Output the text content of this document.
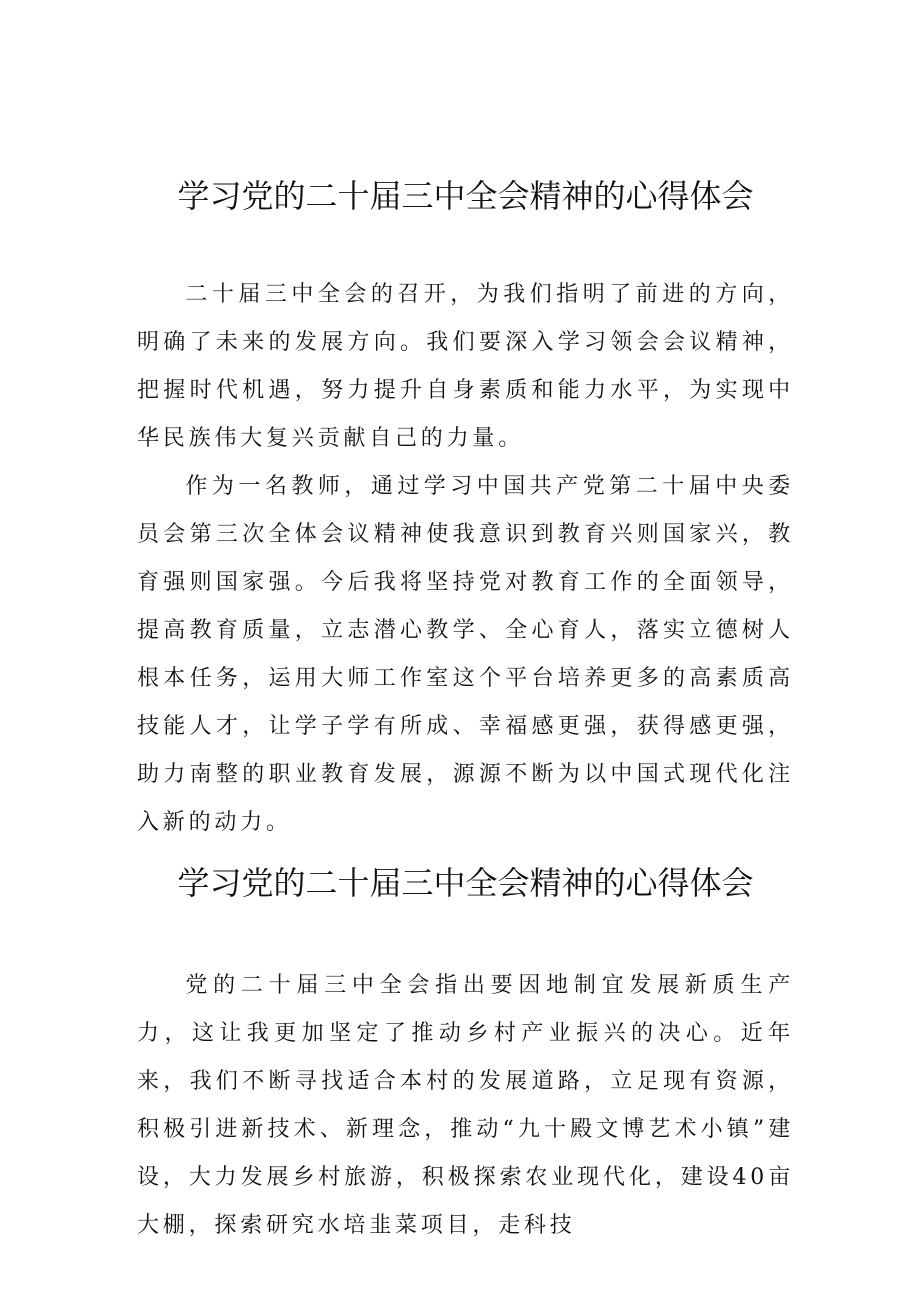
学习党的二十届三中全会精神的心得体会

二十届三中全会的召开，为我们指明了前进的方向，明确了未来的发展方向。我们要深入学习领会会议精神，把握时代机遇，努力提升自身素质和能力水平，为实现中华民族伟大复兴贡献自己的力量。

作为一名教师，通过学习中国共产党第二十届中央委员会第三次全体会议精神使我意识到教育兴则国家兴，教育强则国家强。今后我将坚持党对教育工作的全面领导，提高教育质量，立志潜心教学、全心育人，落实立德树人根本任务，运用大师工作室这个平台培养更多的高素质高技能人才，让学子学有所成、幸福感更强，获得感更强，助力南整的职业教育发展，源源不断为以中国式现代化注入新的动力。

学习党的二十届三中全会精神的心得体会

党的二十届三中全会指出要因地制宜发展新质生产力，这让我更加坚定了推动乡村产业振兴的决心。近年来，我们不断寻找适合本村的发展道路，立足现有资源，积极引进新技术、新理念，推动“九十殿文博艺术小镇”建设，大力发展乡村旅游，积极探索农业现代化，建设40亩大棚，探索研究水培韭菜项目，走科技
